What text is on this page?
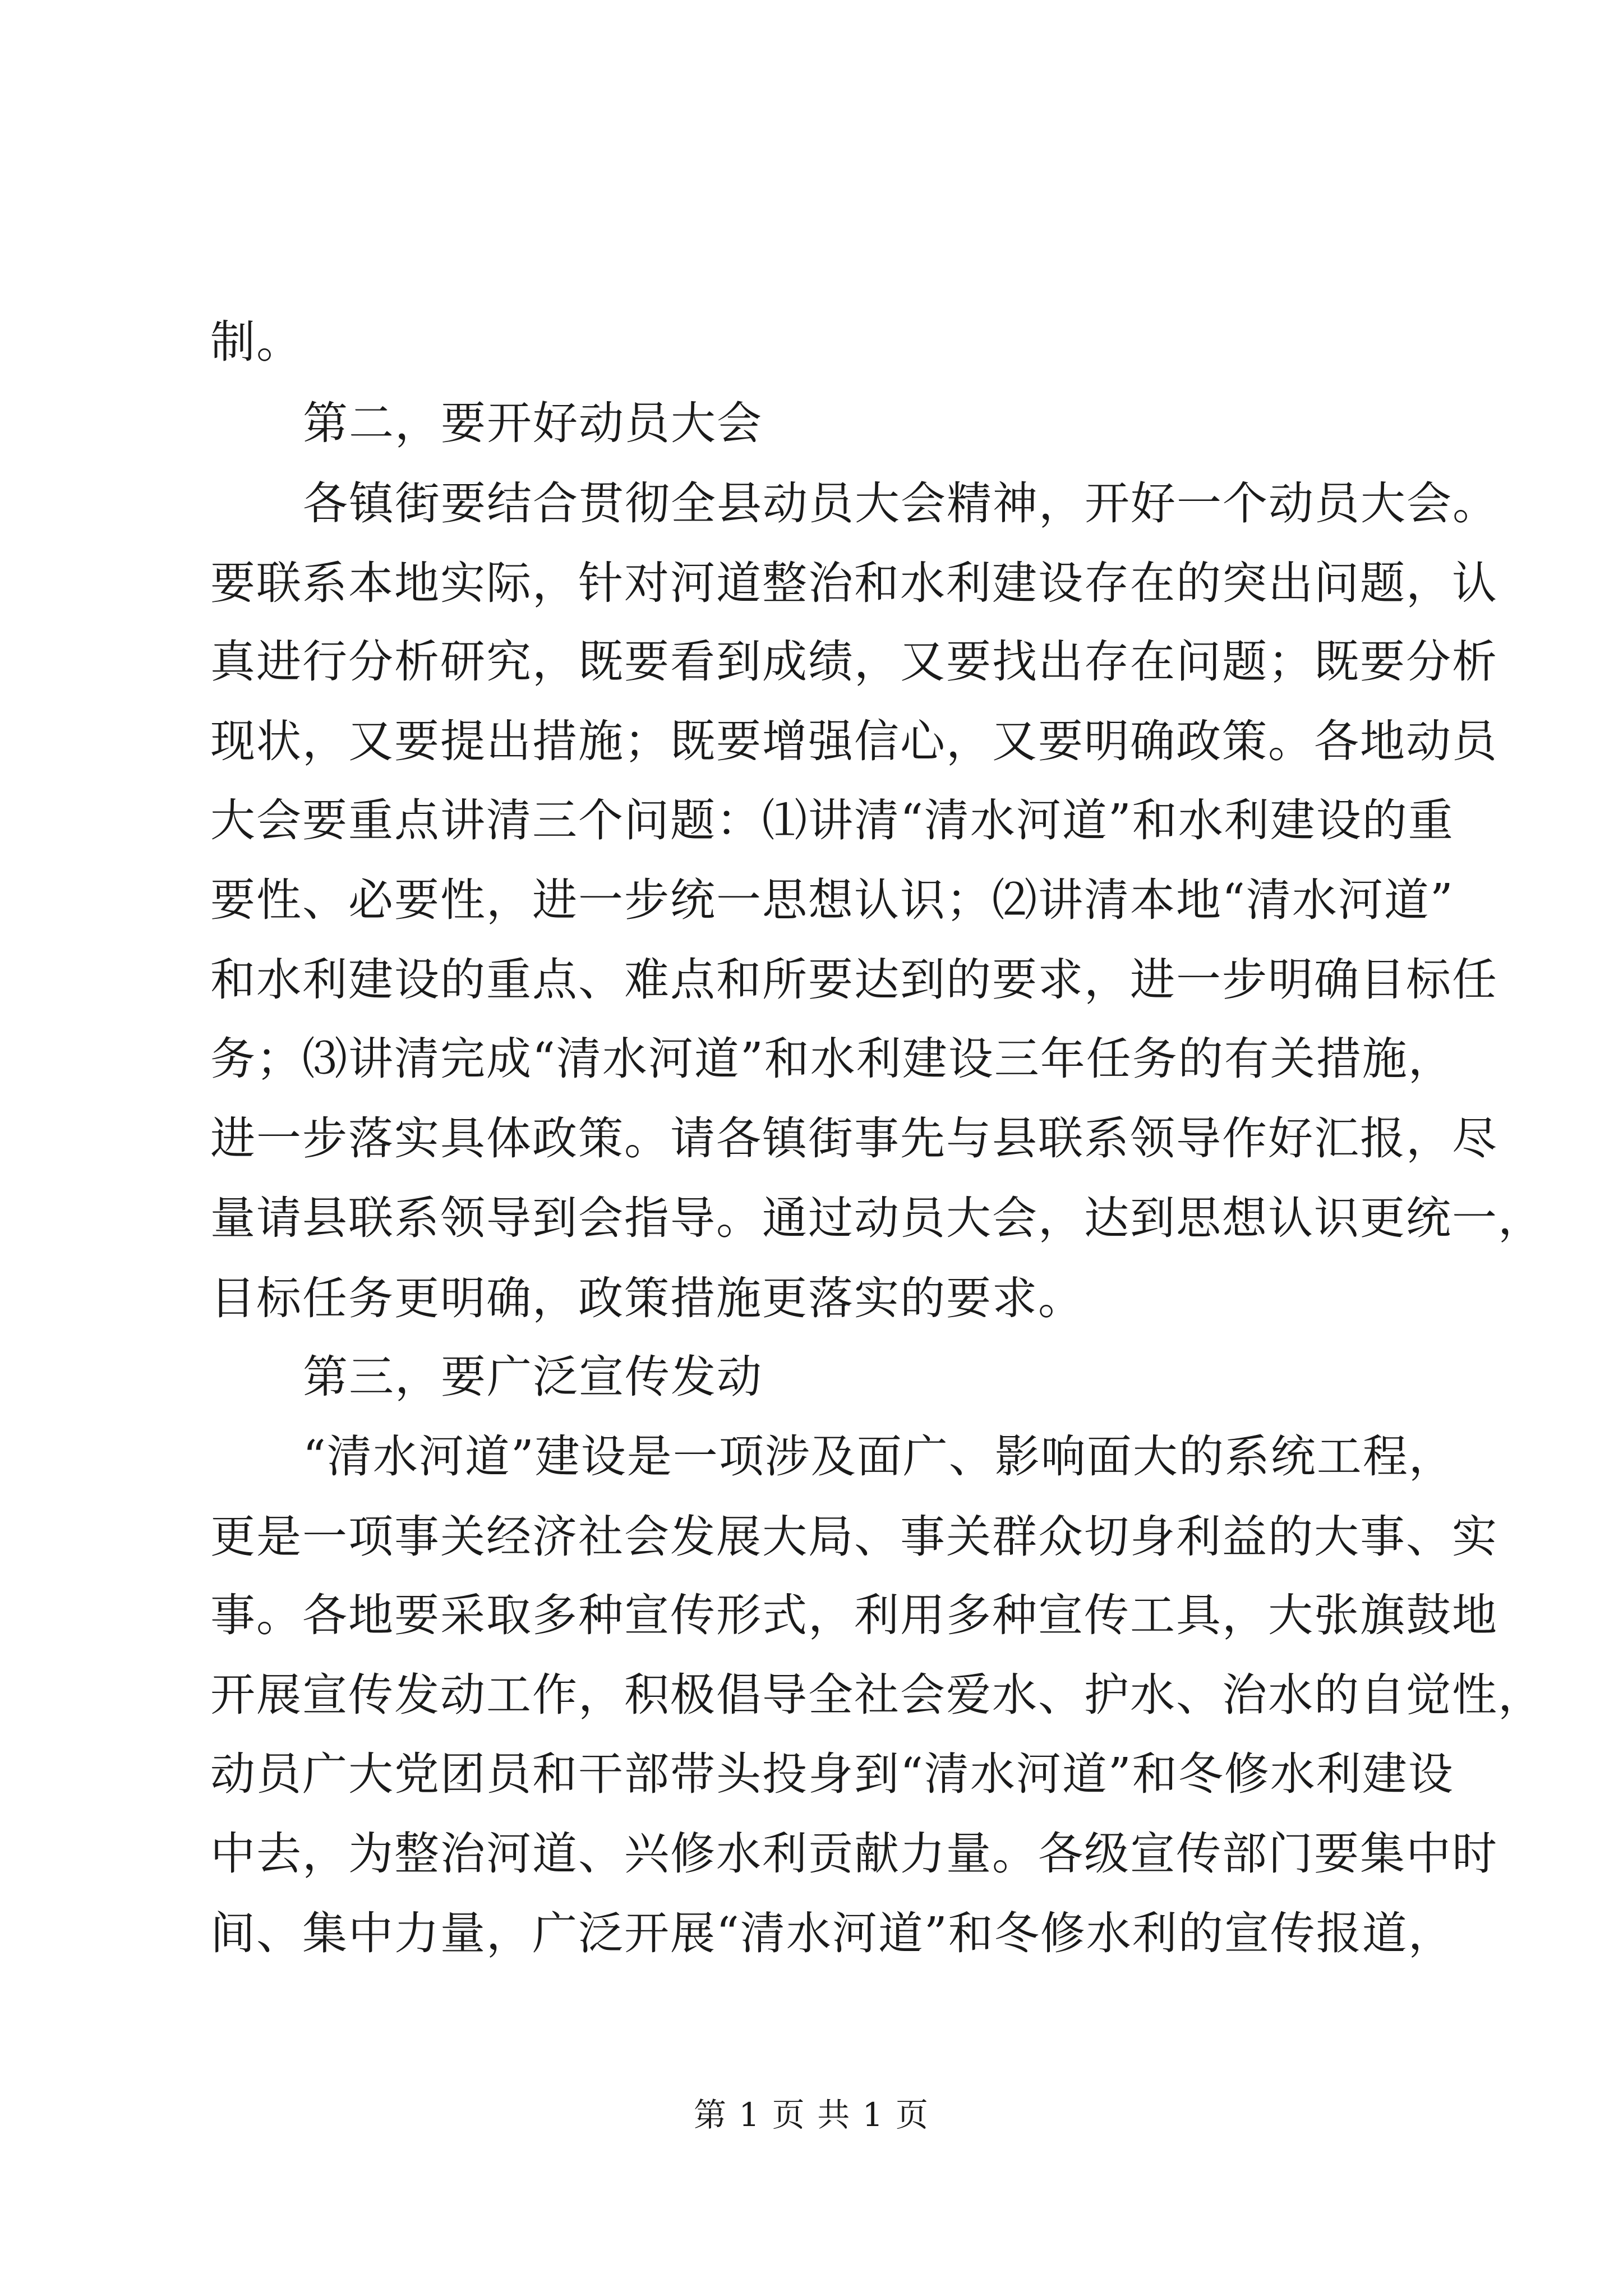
制。
第二，要开好动员大会
各镇街要结合贯彻全县动员大会精神，开好一个动员大会。
要联系本地实际，针对河道整治和水利建设存在的突出问题，认
真进行分析研究，既要看到成绩，又要找出存在问题；既要分析
现状，又要提出措施；既要增强信心，又要明确政策。各地动员
大会要重点讲清三个问题：⑴讲清“清水河道”和水利建设的重
要性、必要性，进一步统一思想认识；⑵讲清本地“清水河道”
和水利建设的重点、难点和所要达到的要求，进一步明确目标任
务；⑶讲清完成“清水河道”和水利建设三年任务的有关措施，
进一步落实具体政策。请各镇街事先与县联系领导作好汇报，尽
量请县联系领导到会指导。通过动员大会，达到思想认识更统一，
目标任务更明确，政策措施更落实的要求。
第三，要广泛宣传发动
“清水河道”建设是一项涉及面广、影响面大的系统工程，
更是一项事关经济社会发展大局、事关群众切身利益的大事、实
事。各地要采取多种宣传形式，利用多种宣传工具，大张旗鼓地
开展宣传发动工作，积极倡导全社会爱水、护水、治水的自觉性，
动员广大党团员和干部带头投身到“清水河道”和冬修水利建设
中去，为整治河道、兴修水利贡献力量。各级宣传部门要集中时
间、集中力量，广泛开展“清水河道”和冬修水利的宣传报道，
第 1 页 共 1 页
